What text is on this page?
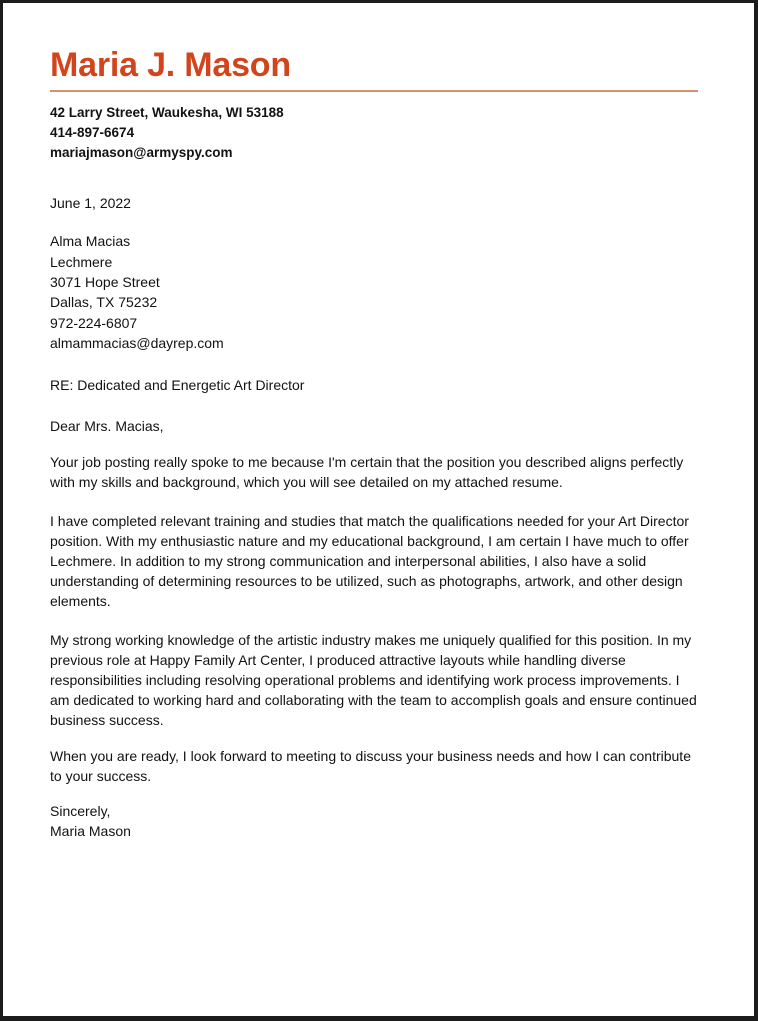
Maria J. Mason
42 Larry Street, Waukesha, WI 53188
414-897-6674
mariajmason@armyspy.com
June 1, 2022
Alma Macias
Lechmere
3071 Hope Street
Dallas, TX 75232
972-224-6807
almammacias@dayrep.com
RE: Dedicated and Energetic Art Director
Dear Mrs. Macias,

Your job posting really spoke to me because I'm certain that the position you described aligns perfectly with my skills and background, which you will see detailed on my attached resume.

I have completed relevant training and studies that match the qualifications needed for your Art Director position. With my enthusiastic nature and my educational background, I am certain I have much to offer Lechmere. In addition to my strong communication and interpersonal abilities, I also have a solid understanding of determining resources to be utilized, such as photographs, artwork, and other design elements.

My strong working knowledge of the artistic industry makes me uniquely qualified for this position. In my previous role at Happy Family Art Center, I produced attractive layouts while handling diverse responsibilities including resolving operational problems and identifying work process improvements. I am dedicated to working hard and collaborating with the team to accomplish goals and ensure continued business success.

When you are ready, I look forward to meeting to discuss your business needs and how I can contribute to your success.

Sincerely,
Maria Mason
